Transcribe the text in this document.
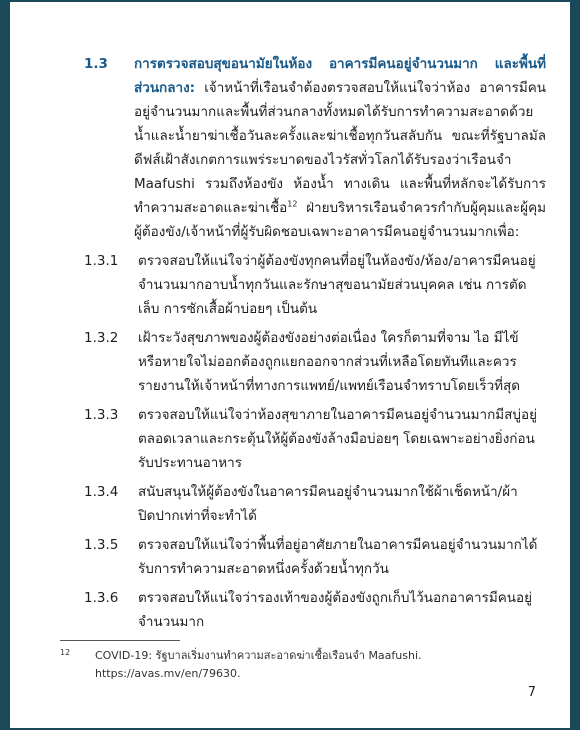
1.3	การตรวจสอบสุขอนามัยในห้อง อาคารมีคนอยู่จำนวนมาก และพื้นที่ส่วนกลาง: เจ้าหน้าที่เรือนจำต้องตรวจสอบให้แน่ใจว่าห้อง อาคารมีคนอยู่จำนวนมากและพื้นที่ส่วนกลางทั้งหมดได้รับการทำความสะอาดด้วยน้ำและน้ำยาฆ่าเชื้อวันละครั้งและฆ่าเชื้อทุกวันสลับกัน ขณะที่รัฐบาลมัลดีฟส์เฝ้าสังเกตการแพร่ระบาดของไวรัสทั่วโลกได้รับรองว่าเรือนจำ Maafushi รวมถึงห้องขัง ห้องน้ำ ทางเดิน และพื้นที่หลักจะได้รับการทำความสะอาดและฆ่าเชื้อ$^{12}$ ฝ่ายบริหารเรือนจำควรกำกับผู้คุมและผู้คุมผู้ต้องขัง/เจ้าหน้าที่ผู้รับผิดชอบเฉพาะอาคารมีคนอยู่จำนวนมากเพื่อ:
1.3.1	ตรวจสอบให้แน่ใจว่าผู้ต้องขังทุกคนที่อยู่ในห้องขัง/ห้อง/อาคารมีคนอยู่จำนวนมากอาบน้ำทุกวันและรักษาสุขอนามัยส่วนบุคคล เช่น การตัดเล็บ การซักเสื้อผ้าบ่อยๆ เป็นต้น
1.3.2	เฝ้าระวังสุขภาพของผู้ต้องขังอย่างต่อเนื่อง ใครก็ตามที่จาม ไอ มีไข้ หรือหายใจไม่ออกต้องถูกแยกออกจากส่วนที่เหลือโดยทันทีและควรรายงานให้เจ้าหน้าที่ทางการแพทย์/แพทย์เรือนจำทราบโดยเร็วที่สุด
1.3.3	ตรวจสอบให้แน่ใจว่าห้องสุขาภายในอาคารมีคนอยู่จำนวนมากมีสบู่อยู่ตลอดเวลาและกระตุ้นให้ผู้ต้องขังล้างมือบ่อยๆ โดยเฉพาะอย่างยิ่งก่อนรับประทานอาหาร
1.3.4	สนับสนุนให้ผู้ต้องขังในอาคารมีคนอยู่จำนวนมากใช้ผ้าเช็ดหน้า/ผ้าปิดปากเท่าที่จะทำได้
1.3.5	ตรวจสอบให้แน่ใจว่าพื้นที่อยู่อาศัยภายในอาคารมีคนอยู่จำนวนมากได้รับการทำความสะอาดหนึ่งครั้งด้วยน้ำทุกวัน
1.3.6	ตรวจสอบให้แน่ใจว่ารองเท้าของผู้ต้องขังถูกเก็บไว้นอกอาคารมีคนอยู่จำนวนมาก
12	COVID-19: รัฐบาลเริ่มงานทำความสะอาดฆ่าเชื้อเรือนจำ Maafushi. https://avas.mv/en/79630.
7
